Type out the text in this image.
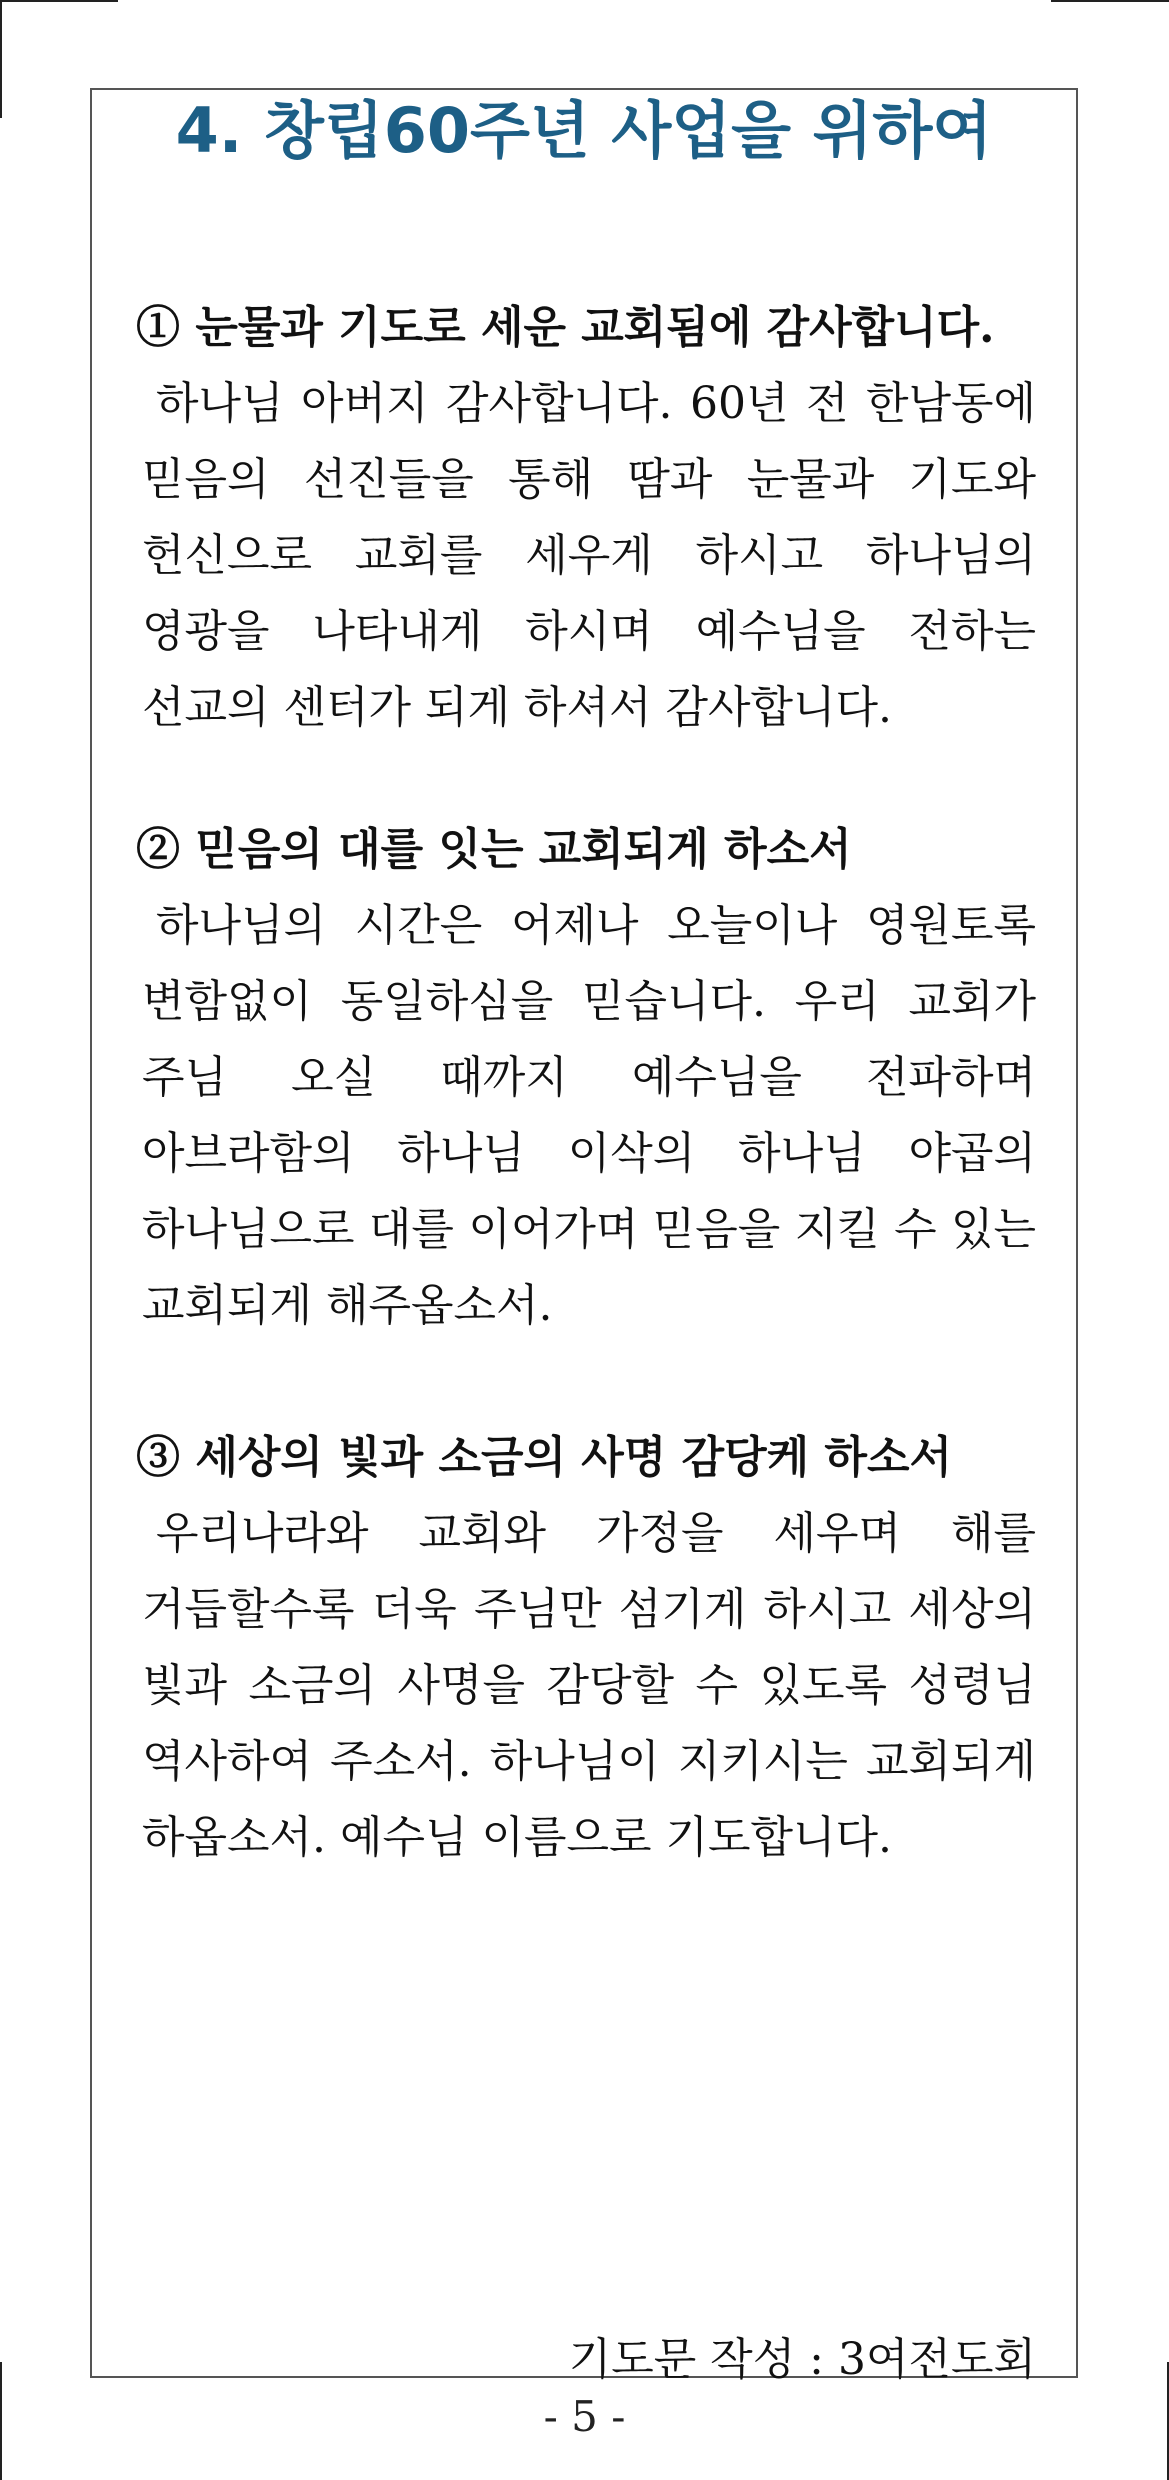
4. 창립60주년 사업을 위하여
① 눈물과 기도로 세운 교회됨에 감사합니다.
하나님 아버지 감사합니다. 60년 전 한남동에 믿음의 선진들을 통해 땀과 눈물과 기도와 헌신으로 교회를 세우게 하시고 하나님의 영광을 나타내게 하시며 예수님을 전하는 선교의 센터가 되게 하셔서 감사합니다.
② 믿음의 대를 잇는 교회되게 하소서
하나님의 시간은 어제나 오늘이나 영원토록 변함없이 동일하심을 믿습니다. 우리 교회가 주님 오실 때까지 예수님을 전파하며 아브라함의 하나님 이삭의 하나님 야곱의 하나님으로 대를 이어가며 믿음을 지킬 수 있는 교회되게 해주옵소서.
③ 세상의 빛과 소금의 사명 감당케 하소서
우리나라와 교회와 가정을 세우며 해를 거듭할수록 더욱 주님만 섬기게 하시고 세상의 빛과 소금의 사명을 감당할 수 있도록 성령님 역사하여 주소서. 하나님이 지키시는 교회되게 하옵소서. 예수님 이름으로 기도합니다.
기도문 작성 : 3여전도회
- 5 -
